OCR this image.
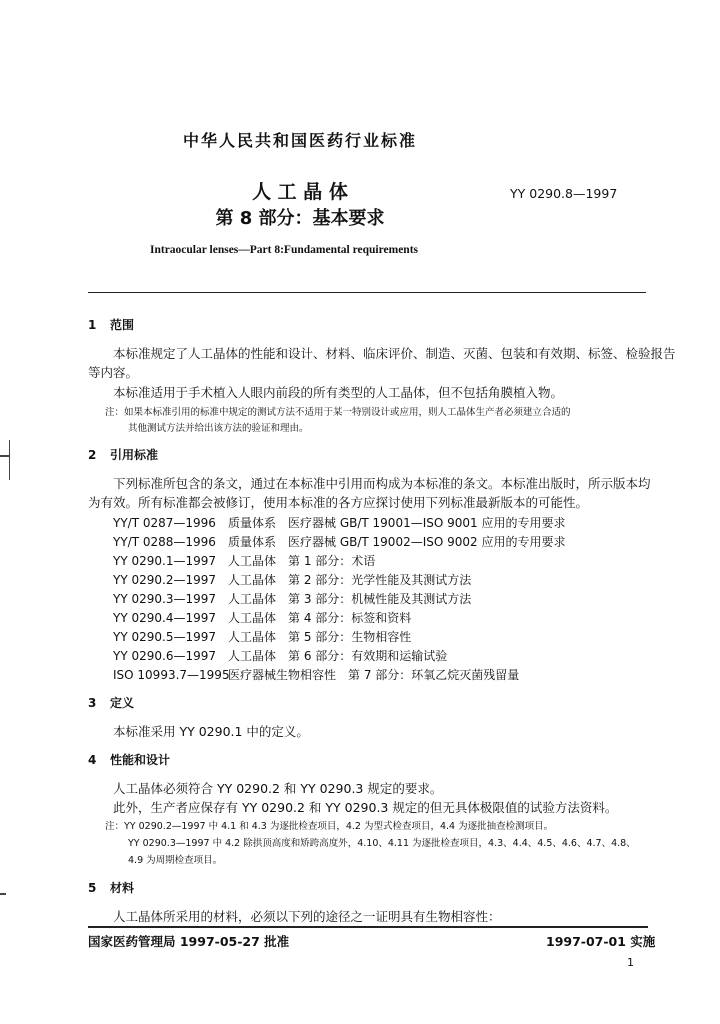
中华人民共和国医药行业标准
人 工 晶 体	YY 0290.8—1997
第 8 部分：基本要求
Intraocular lenses—Part 8:Fundamental requirements
1 范围
本标准规定了人工晶体的性能和设计、材料、临床评价、制造、灭菌、包装和有效期、标签、检验报告
等内容。
本标准适用于手术植入人眼内前段的所有类型的人工晶体，但不包括角膜植入物。
注：如果本标准引用的标准中规定的测试方法不适用于某一特别设计或应用，则人工晶体生产者必须建立合适的
其他测试方法并给出该方法的验证和理由。
2 引用标准
下列标准所包含的条文，通过在本标准中引用而构成为本标准的条文。本标准出版时，所示版本均
为有效。所有标准都会被修订，使用本标准的各方应探讨使用下列标准最新版本的可能性。
YY/T 0287—1996 质量体系　医疗器械 GB/T 19001—ISO 9001 应用的专用要求
YY/T 0288—1996 质量体系　医疗器械 GB/T 19002—ISO 9002 应用的专用要求
YY 0290.1—1997 人工晶体　第 1 部分：术语
YY 0290.2—1997 人工晶体　第 2 部分：光学性能及其测试方法
YY 0290.3—1997 人工晶体　第 3 部分：机械性能及其测试方法
YY 0290.4—1997 人工晶体　第 4 部分：标签和资料
YY 0290.5—1997 人工晶体　第 5 部分：生物相容性
YY 0290.6—1997 人工晶体　第 6 部分：有效期和运输试验
ISO 10993.7—1995医疗器械生物相容性　第 7 部分：环氧乙烷灭菌残留量
3 定义
本标准采用 YY 0290.1 中的定义。
4 性能和设计
人工晶体必须符合 YY 0290.2 和 YY 0290.3 规定的要求。
此外，生产者应保存有 YY 0290.2 和 YY 0290.3 规定的但无具体极限值的试验方法资料。
注：YY 0290.2—1997 中 4.1 和 4.3 为逐批检查项目，4.2 为型式检查项目，4.4 为逐批抽查检测项目。
YY 0290.3—1997 中 4.2 除拱顶高度和矫跨高度外，4.10、4.11 为逐批检查项目，4.3、4.4、4.5、4.6、4.7、4.8、
4.9 为周期检查项目。
5 材料
人工晶体所采用的材料，必须以下列的途径之一证明具有生物相容性：
国家医药管理局 1997-05-27 批准	1997-07-01 实施
1
